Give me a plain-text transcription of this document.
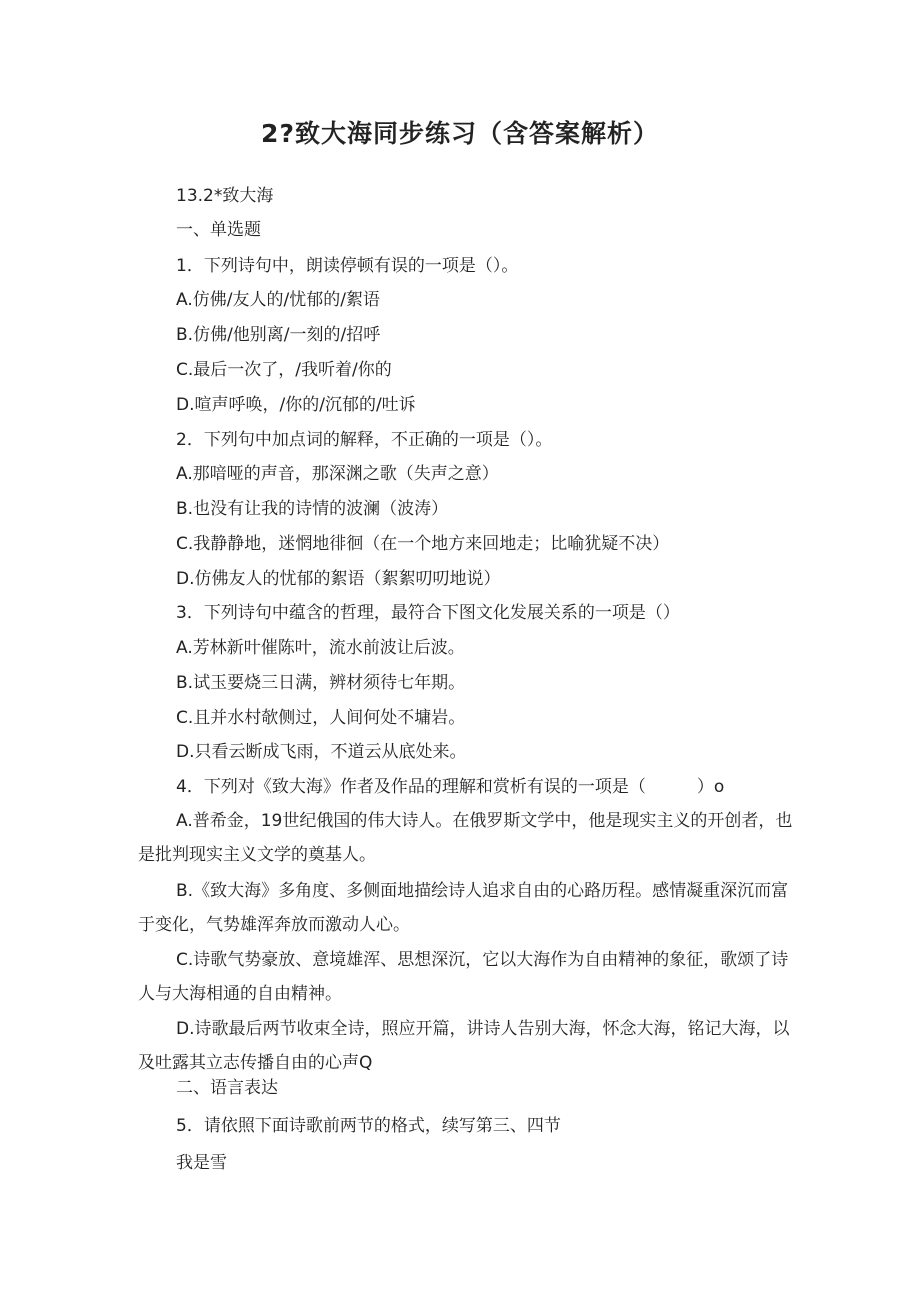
2?致大海同步练习（含答案解析）
13.2*致大海
一、单选题
1．下列诗句中，朗读停顿有误的一项是（）。
A.仿佛/友人的/忧郁的/絮语
B.仿佛/他别离/一刻的/招呼
C.最后一次了，/我听着/你的
D.喧声呼唤，/你的/沉郁的/吐诉
2．下列句中加点词的解释，不正确的一项是（）。
A.那喑哑的声音，那深渊之歌（失声之意）
B.也没有让我的诗情的波澜（波涛）
C.我静静地，迷惘地徘徊（在一个地方来回地走；比喻犹疑不决）
D.仿佛友人的忧郁的絮语（絮絮叨叨地说）
3．下列诗句中蕴含的哲理，最符合下图文化发展关系的一项是（）
A.芳林新叶催陈叶，流水前波让后波。
B.试玉要烧三日满，辨材须待七年期。
C.且并水村欹侧过，人间何处不墉岩。
D.只看云断成飞雨，不道云从底处来。
4．下列对《致大海》作者及作品的理解和赏析有误的一项是（　　　）o
A.普希金，19世纪俄国的伟大诗人。在俄罗斯文学中，他是现实主义的开创者，也是批判现实主义文学的奠基人。
B.《致大海》多角度、多侧面地描绘诗人追求自由的心路历程。感情凝重深沉而富于变化，气势雄浑奔放而激动人心。
C.诗歌气势豪放、意境雄浑、思想深沉，它以大海作为自由精神的象征，歌颂了诗人与大海相通的自由精神。
D.诗歌最后两节收束全诗，照应开篇，讲诗人告别大海，怀念大海，铭记大海，以及吐露其立志传播自由的心声Q
二、语言表达
5．请依照下面诗歌前两节的格式，续写第三、四节
我是雪
